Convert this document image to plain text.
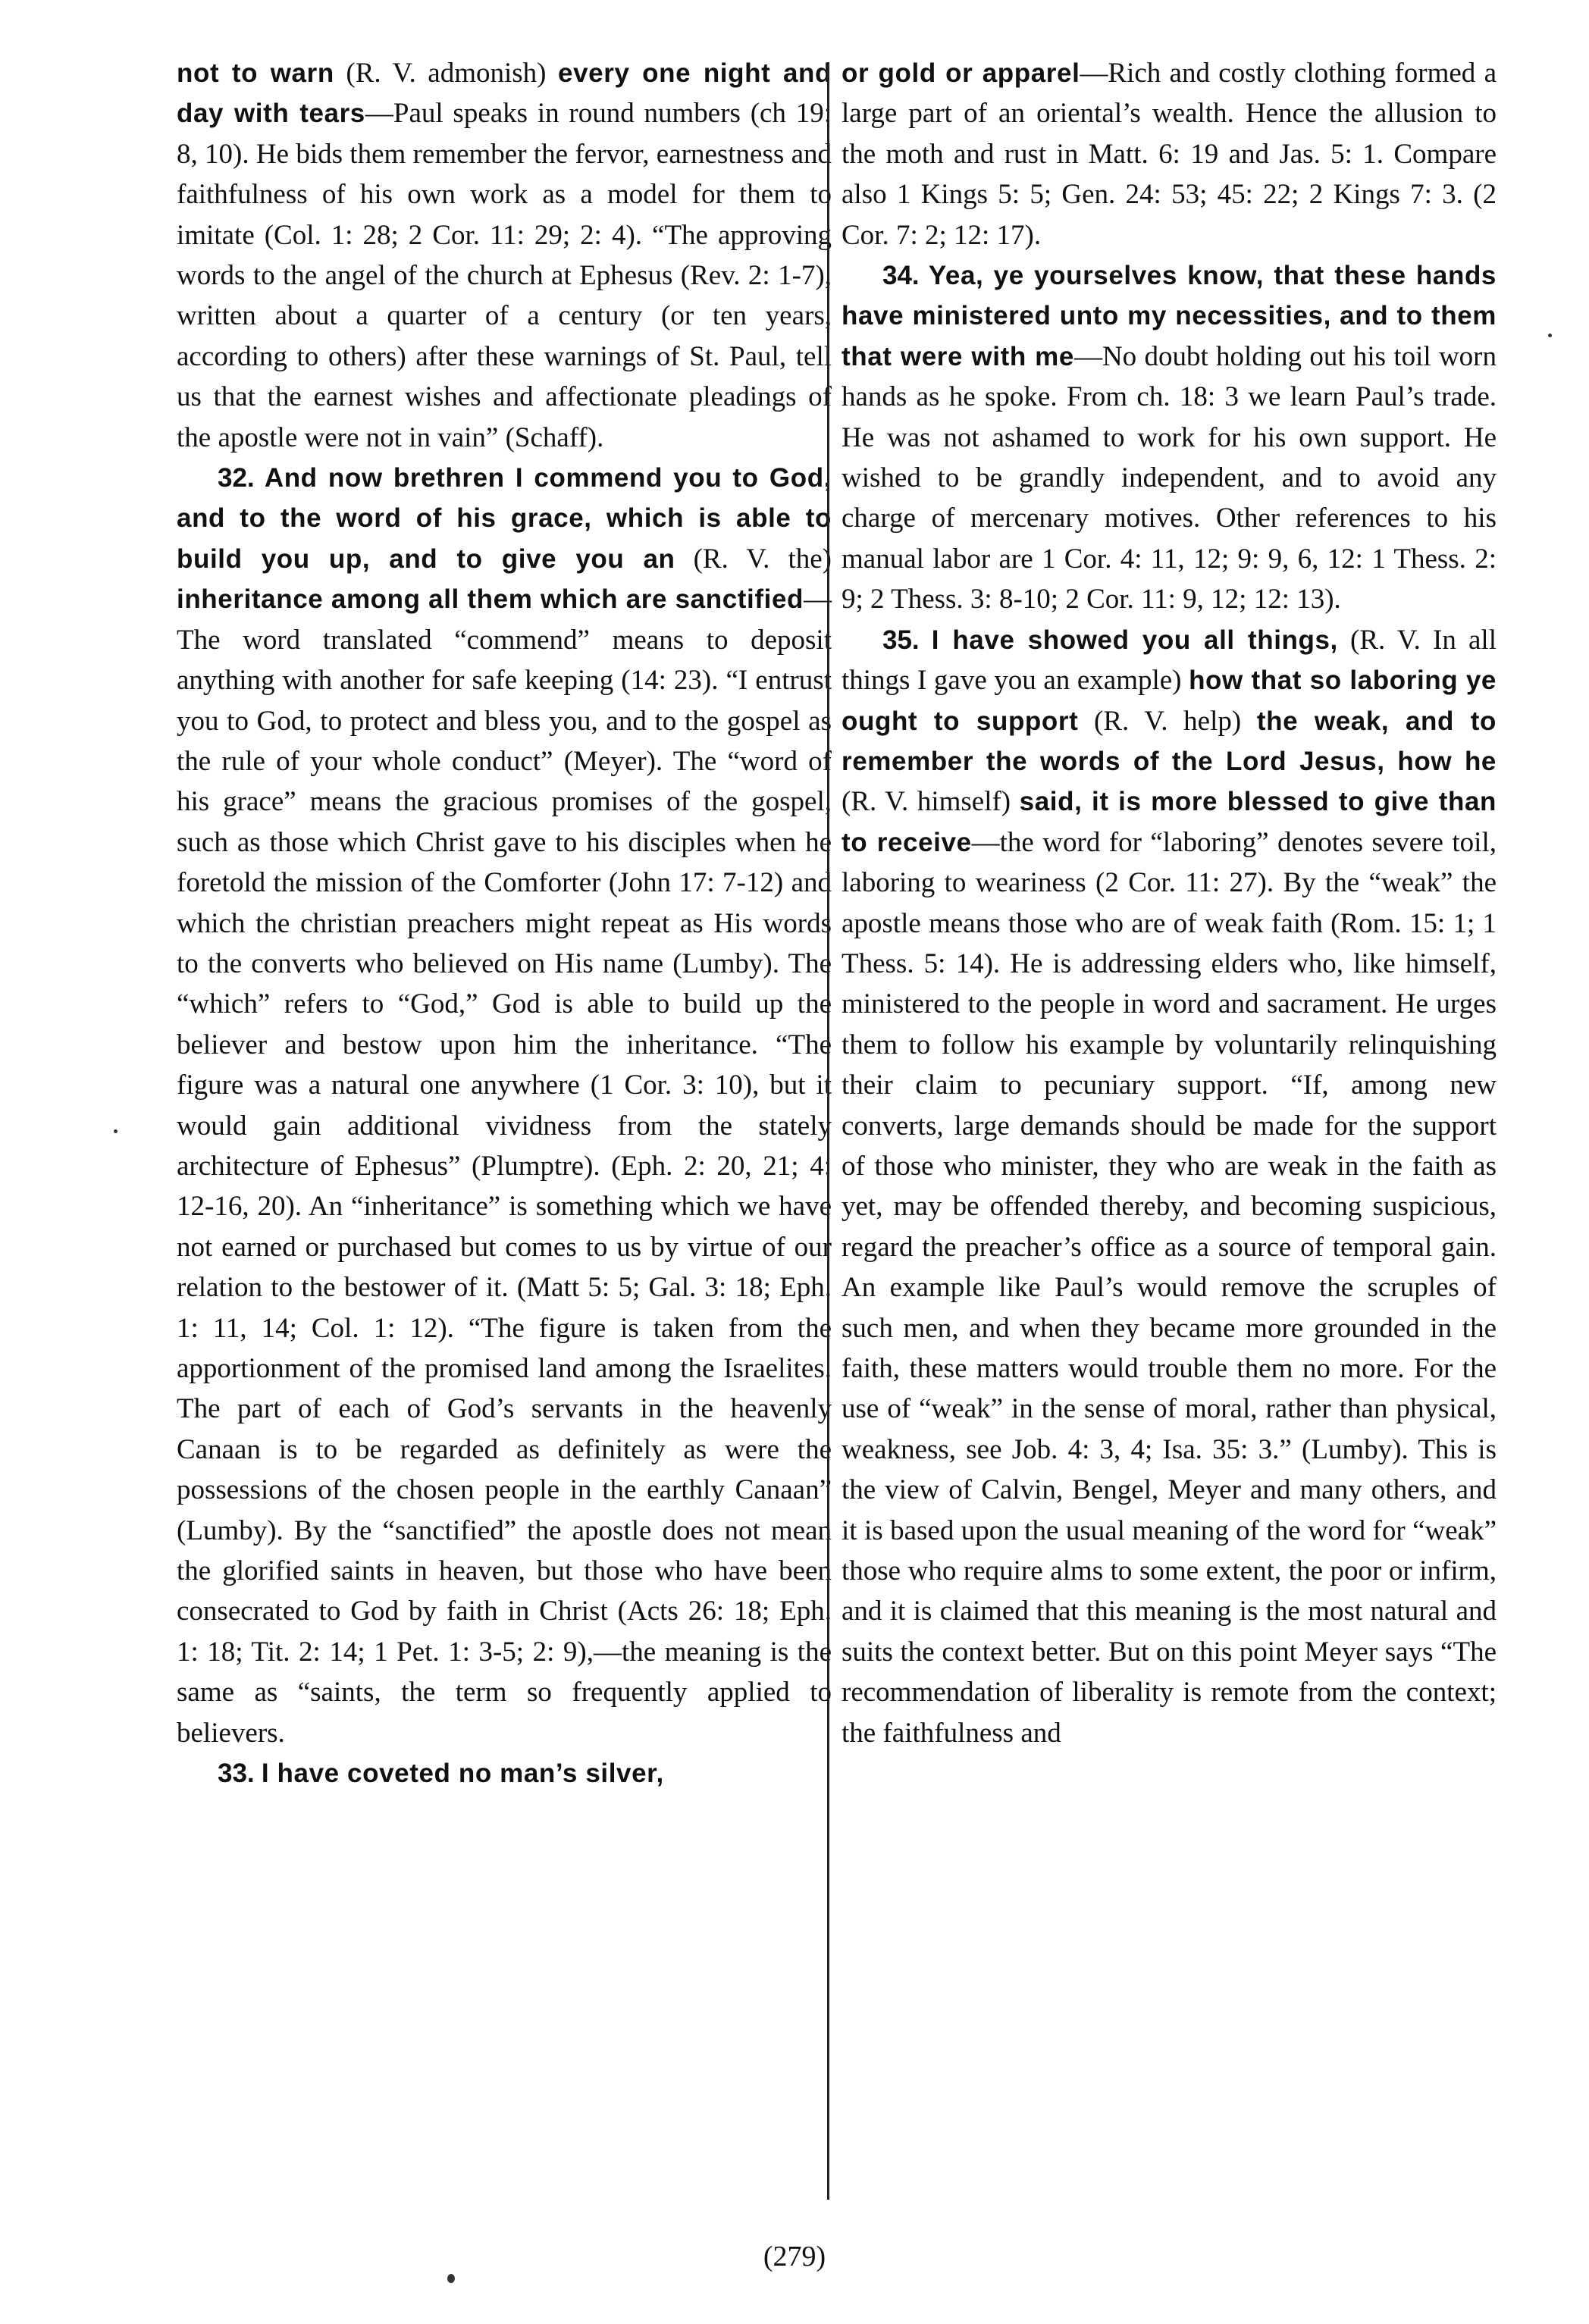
not to warn (R. V. admonish) every one night and day with tears—Paul speaks in round numbers (ch 19: 8, 10). He bids them remember the fervor, earnestness and faithfulness of his own work as a model for them to imitate (Col. 1: 28; 2 Cor. 11: 29; 2: 4). “The approving words to the angel of the church at Ephesus (Rev. 2: 1-7), written about a quarter of a century (or ten years, according to others) after these warnings of St. Paul, tell us that the earnest wishes and affectionate pleadings of the apostle were not in vain” (Schaff).

32. And now brethren I commend you to God, and to the word of his grace, which is able to build you up, and to give you an (R. V. the) inheritance among all them which are sanctified—The word translated “commend” means to deposit anything with another for safe keeping (14: 23). “I entrust you to God, to protect and bless you, and to the gospel as the rule of your whole conduct” (Meyer). The “word of his grace” means the gracious promises of the gospel, such as those which Christ gave to his disciples when he foretold the mission of the Comforter (John 17: 7-12) and which the christian preachers might repeat as His words to the converts who believed on His name (Lumby). The “which” refers to “God,” God is able to build up the believer and bestow upon him the inheritance. “The figure was a natural one anywhere (1 Cor. 3: 10), but it would gain additional vividness from the stately architecture of Ephesus” (Plumptre). (Eph. 2: 20, 21; 4: 12-16, 20). An “inheritance” is something which we have not earned or purchased but comes to us by virtue of our relation to the bestower of it. (Matt 5: 5; Gal. 3: 18; Eph. 1: 11, 14; Col. 1: 12). “The figure is taken from the apportionment of the promised land among the Israelites. The part of each of God’s servants in the heavenly Canaan is to be regarded as definitely as were the possessions of the chosen people in the earthly Canaan” (Lumby). By the “sanctified” the apostle does not mean the glorified saints in heaven, but those who have been consecrated to God by faith in Christ (Acts 26: 18; Eph. 1: 18; Tit. 2: 14; 1 Pet. 1: 3-5; 2: 9),—the meaning is the same as “saints, the term so frequently applied to believers.

33. I have coveted no man’s silver,

or gold or apparel—Rich and costly clothing formed a large part of an oriental’s wealth. Hence the allusion to the moth and rust in Matt. 6: 19 and Jas. 5: 1. Compare also 1 Kings 5: 5; Gen. 24: 53; 45: 22; 2 Kings 7: 3. (2 Cor. 7: 2; 12: 17).

34. Yea, ye yourselves know, that these hands have ministered unto my necessities, and to them that were with me—No doubt holding out his toil worn hands as he spoke. From ch. 18: 3 we learn Paul’s trade. He was not ashamed to work for his own support. He wished to be grandly independent, and to avoid any charge of mercenary motives. Other references to his manual labor are 1 Cor. 4: 11, 12; 9: 9, 6, 12: 1 Thess. 2: 9; 2 Thess. 3: 8-10; 2 Cor. 11: 9, 12; 12: 13).

35. I have showed you all things, (R. V. In all things I gave you an example) how that so laboring ye ought to support (R. V. help) the weak, and to remember the words of the Lord Jesus, how he (R. V. himself) said, it is more blessed to give than to receive—the word for “laboring” denotes severe toil, laboring to weariness (2 Cor. 11: 27). By the “weak” the apostle means those who are of weak faith (Rom. 15: 1; 1 Thess. 5: 14). He is addressing elders who, like himself, ministered to the people in word and sacrament. He urges them to follow his example by voluntarily relinquishing their claim to pecuniary support. “If, among new converts, large demands should be made for the support of those who minister, they who are weak in the faith as yet, may be offended thereby, and becoming suspicious, regard the preacher’s office as a source of temporal gain. An example like Paul’s would remove the scruples of such men, and when they became more grounded in the faith, these matters would trouble them no more. For the use of “weak” in the sense of moral, rather than physical, weakness, see Job. 4: 3, 4; Isa. 35: 3.” (Lumby). This is the view of Calvin, Bengel, Meyer and many others, and it is based upon the usual meaning of the word for “weak” those who require alms to some extent, the poor or infirm, and it is claimed that this meaning is the most natural and suits the context better. But on this point Meyer says “The recommendation of liberality is remote from the context; the faithfulness and

(279)
